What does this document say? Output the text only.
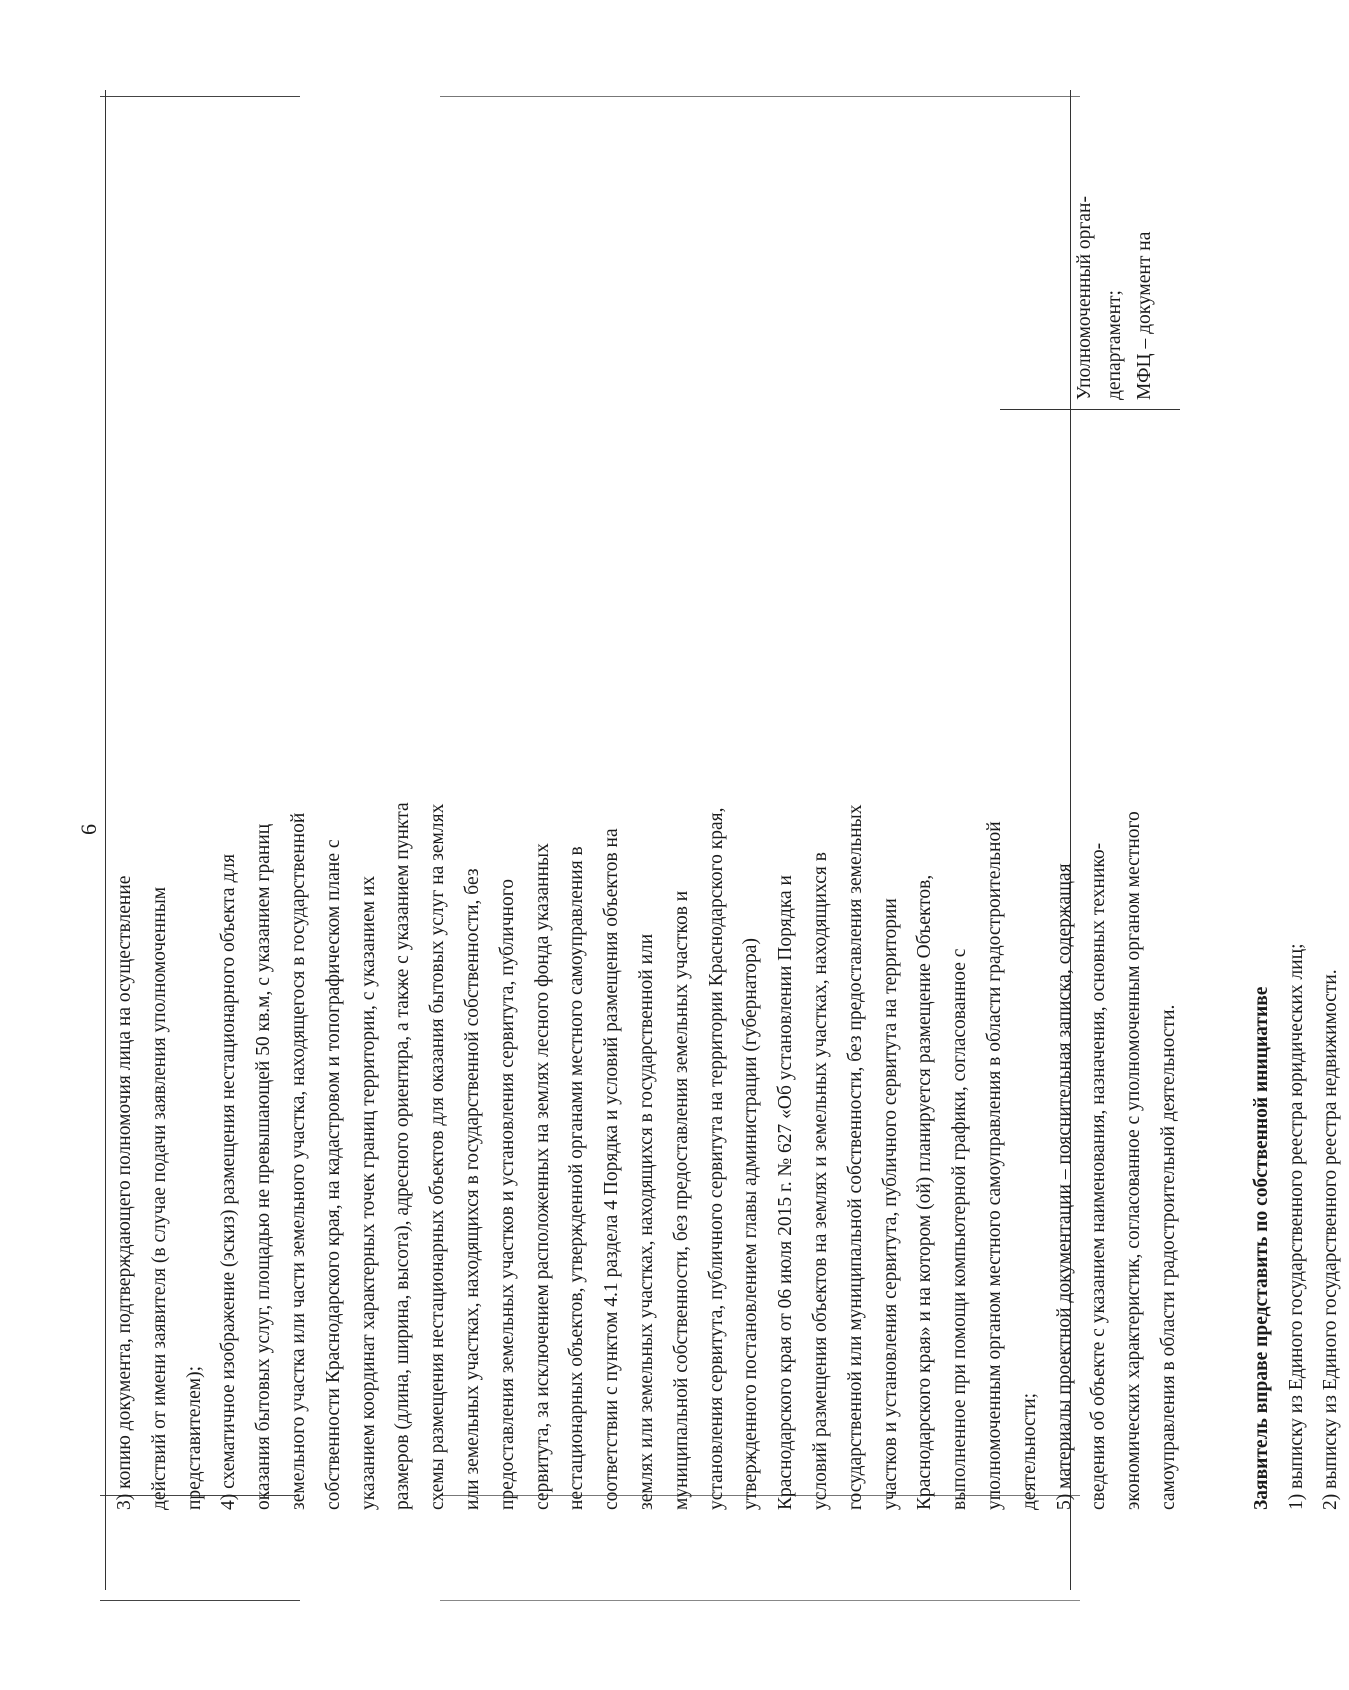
6

3) копию документа, подтверждающего полномочия лица на осуществление действий от имени заявителя (в случае подачи заявления уполномоченным представителем); 4) схематичное изображение (эскиз) размещения нестационарного объекта для оказания бытовых услуг, площадью не превышающей 50 кв.м, с указанием границ земельного участка или части земельного участка, находящегося в государственной собственности Краснодарского края, на кадастровом и топографическом плане с указанием координат характерных точек границ территории, с указанием их размеров (длина, ширина, высота), адресного ориентира, а также с указанием пункта схемы размещения нестационарных объектов для оказания бытовых услуг на землях или земельных участках, находящихся в государственной собственности, без предоставления земельных участков и установления сервитута, публичного сервитута, за исключением расположенных на землях лесного фонда указанных нестационарных объектов, утвержденной органами местного самоуправления в соответствии с пунктом 4.1 раздела 4 Порядка и условий размещения объектов на землях или земельных участках, находящихся в государственной или муниципальной собственности, без предоставления земельных участков и установления сервитута, публичного сервитута на территории Краснодарского края, утвержденного постановлением главы администрации (губернатора) Краснодарского края от 06 июля 2015 г. № 627 «Об установлении Порядка и условий размещения объектов на землях и земельных участках, находящихся в государственной или муниципальной собственности, без предоставления земельных участков и установления сервитута, публичного сервитута на территории Краснодарского края» и на котором (ой) планируется размещение Объектов, выполненное при помощи компьютерной графики, согласованное с уполномоченным органом местного самоуправления в области градостроительной деятельности; 5) материалы проектной документации – пояснительная записка, содержащая сведения об объекте с указанием наименования, назначения, основных технико- экономических характеристик, согласованное с уполномоченным органом местного самоуправления в области градостроительной деятельности.	Заявитель вправе представить по собственной инициативе 1) выписку из Единого государственного реестра юридических лиц; 2) выписку из Единого государственного реестра недвижимости.

Уполномоченный орган- департамент; МФЦ – документ на
